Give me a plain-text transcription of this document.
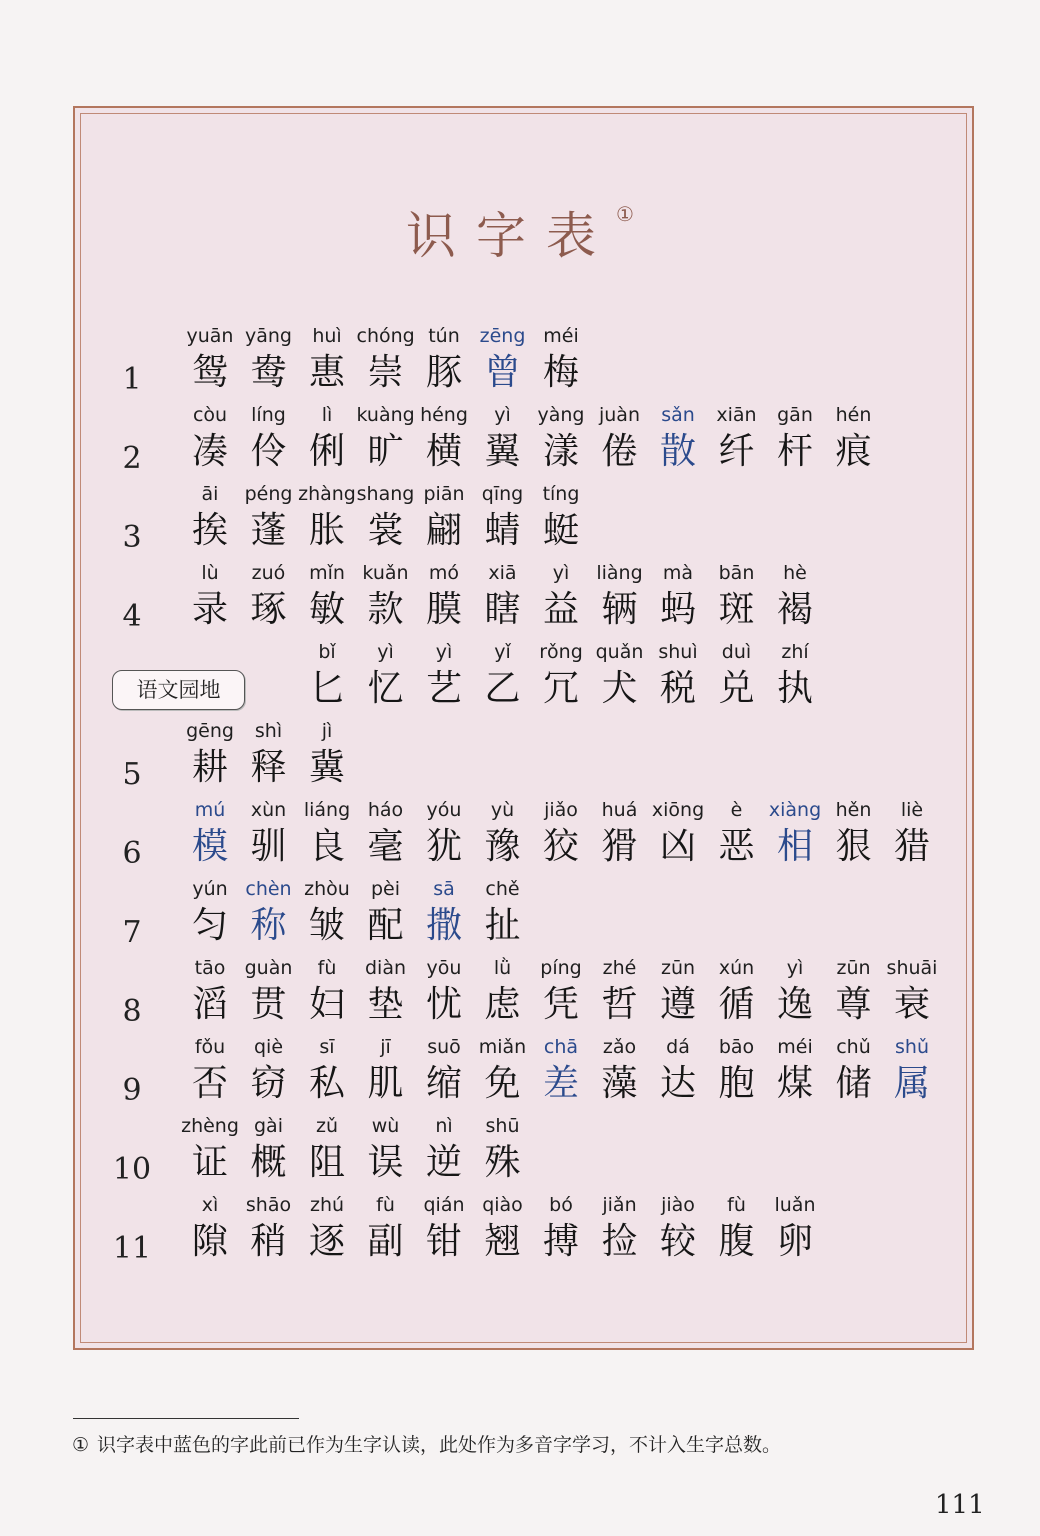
识字表①
1
yuān
鸳
yāng
鸯
huì
惠
chóng
崇
tún
豚
zēng
曾
méi
梅
2
còu
凑
líng
伶
lì
俐
kuàng
旷
héng
横
yì
翼
yàng
漾
juàn
倦
sǎn
散
xiān
纤
gān
杆
hén
痕
3
āi
挨
péng
蓬
zhàng
胀
shang
裳
piān
翩
qīng
蜻
tíng
蜓
4
lù
录
zuó
琢
mǐn
敏
kuǎn
款
mó
膜
xiā
瞎
yì
益
liàng
辆
mà
蚂
bān
斑
hè
褐
语文园地
bǐ
匕
yì
忆
yì
艺
yǐ
乙
rǒng
冗
quǎn
犬
shuì
税
duì
兑
zhí
执
5
gēng
耕
shì
释
jì
冀
6
mú
模
xùn
驯
liáng
良
háo
毫
yóu
犹
yù
豫
jiǎo
狡
huá
猾
xiōng
凶
è
恶
xiàng
相
hěn
狠
liè
猎
7
yún
匀
chèn
称
zhòu
皱
pèi
配
sā
撒
chě
扯
8
tāo
滔
guàn
贯
fù
妇
diàn
垫
yōu
忧
lǜ
虑
píng
凭
zhé
哲
zūn
遵
xún
循
yì
逸
zūn
尊
shuāi
衰
9
fǒu
否
qiè
窃
sī
私
jī
肌
suō
缩
miǎn
免
chā
差
zǎo
藻
dá
达
bāo
胞
méi
煤
chǔ
储
shǔ
属
10
zhèng
证
gài
概
zǔ
阻
wù
误
nì
逆
shū
殊
11
xì
隙
shāo
稍
zhú
逐
fù
副
qián
钳
qiào
翘
bó
搏
jiǎn
捡
jiào
较
fù
腹
luǎn
卵
① 识字表中蓝色的字此前已作为生字认读，此处作为多音字学习，不计入生字总数。
111
